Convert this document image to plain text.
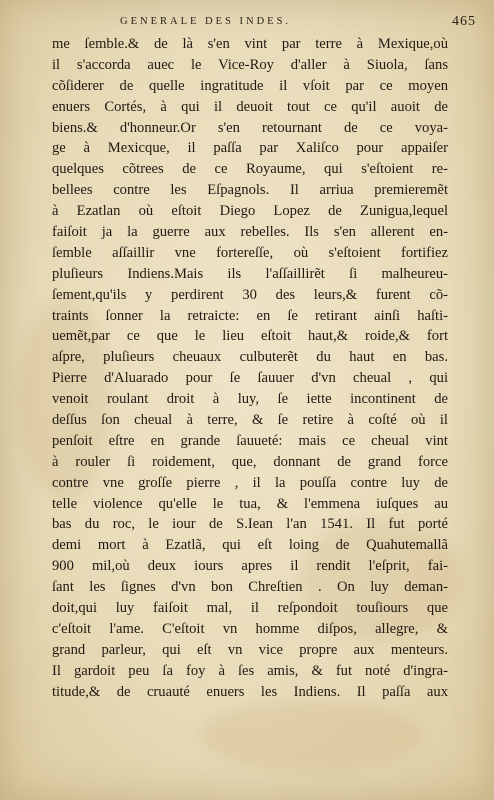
GENERALE DES INDES.	465
me ſemble.& de là s'en vint par terre à Mexique,où
il s'accorda auec le Vice-Roy d'aller à Siuola, ſans
cõſiderer de quelle ingratitude il vſoit par ce moyen
enuers Cortés, à qui il deuoit tout ce qu'il auoit de
biens.& d'honneur.Or s'en retournant de ce voya-
ge à Mexicque, il paſſa par Xaliſco pour appaiſer
quelques cõtrees de ce Royaume, qui s'eſtoient re-
bellees contre les Eſpagnols. Il arriua premieremẽt
à Ezatlan où eſtoit Diego Lopez de Zunigua,lequel
faiſoit ja la guerre aux rebelles. Ils s'en allerent en-
ſemble aſſaillir vne forterеſſe, où s'eſtoient fortifiez
pluſieurs Indiens.Mais ils l'aſſaillirẽt ſi malheureu-
ſement,qu'ils y perdirent 30 des leurs,& furent cõ-
traints ſonner la retraicte: en ſe retirant ainſi haſti-
uemẽt,par ce que le lieu eſtoit haut,& roide,& fort
aſpre, pluſieurs cheuaux culbuterẽt du haut en bas.
Pierre d'Aluarado pour ſe ſauuer d'vn cheual , qui
venoit roulant droit à luy, ſe iette incontinent de
deſſus ſon cheual à terre, & ſe retire à coſté où il
penſoit eſtre en grande ſauueté: mais ce cheual vint
à rouler ſi roidement, que, donnant de grand force
contre vne groſſe pierre , il la pouſſa contre luy de
telle violence qu'elle le tua, & l'emmena iuſques au
bas du roc, le iour de S.Iean l'an 1541. Il fut porté
demi mort à Ezatlã, qui eſt loing de Quahutemallã
900 mil,où deux iours apres il rendit l'eſprit, fai-
ſant les ſignes d'vn bon Chreſtien . On luy deman-
doit,qui luy faiſoit mal, il reſpondoit touſiours que
c'eſtoit l'ame. C'eſtoit vn homme diſpos, allegre, &
grand parleur, qui eſt vn vice propre aux menteurs.
Il gardoit peu ſa foy à ſes amis, & fut noté d'ingra-
titude,& de cruauté enuers les Indiens. Il paſſa aux
